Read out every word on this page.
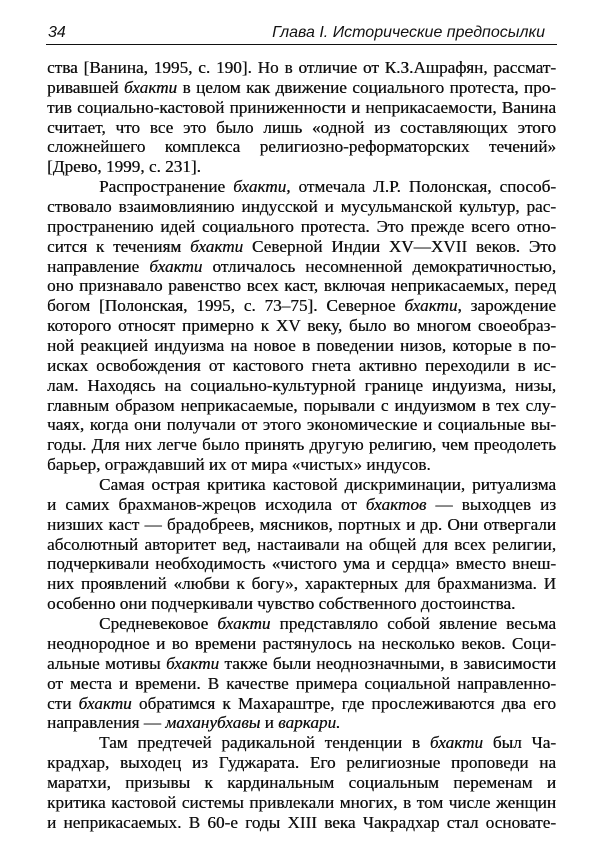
34	Глава I. Исторические предпосылки
ства [Ванина, 1995, с. 190]. Но в отличие от К.З.Ашрафян, рассмат-
ривавшей бхакти в целом как движение социального протеста, про-
тив социально-кастовой приниженности и неприкасаемости, Ванина
считает, что все это было лишь «одной из составляющих этого
сложнейшего комплекса религиозно-реформаторских течений»
[Древо, 1999, с. 231].
Распространение бхакти, отмечала Л.Р. Полонская, способ-
ствовало взаимовлиянию индусской и мусульманской культур, рас-
пространению идей социального протеста. Это прежде всего отно-
сится к течениям бхакти Северной Индии XV—XVII веков. Это
направление бхакти отличалось несомненной демократичностью,
оно признавало равенство всех каст, включая неприкасаемых, перед
богом [Полонская, 1995, с. 73–75]. Северное бхакти, зарождение
которого относят примерно к XV веку, было во многом своеобраз-
ной реакцией индуизма на новое в поведении низов, которые в по-
исках освобождения от кастового гнета активно переходили в ис-
лам. Находясь на социально-культурной границе индуизма, низы,
главным образом неприкасаемые, порывали с индуизмом в тех слу-
чаях, когда они получали от этого экономические и социальные вы-
годы. Для них легче было принять другую религию, чем преодолеть
барьер, ограждавший их от мира «чистых» индусов.
Самая острая критика кастовой дискриминации, ритуализма
и самих брахманов-жрецов исходила от бхактов — выходцев из
низших каст — брадобреев, мясников, портных и др. Они отвергали
абсолютный авторитет вед, настаивали на общей для всех религии,
подчеркивали необходимость «чистого ума и сердца» вместо внеш-
них проявлений «любви к богу», характерных для брахманизма. И
особенно они подчеркивали чувство собственного достоинства.
Средневековое бхакти представляло собой явление весьма
неоднородное и во времени растянулось на несколько веков. Соци-
альные мотивы бхакти также были неоднозначными, в зависимости
от места и времени. В качестве примера социальной направленно-
сти бхакти обратимся к Махараштре, где прослеживаются два его
направления — маханубхавы и варкари.
Там предтечей радикальной тенденции в бхакти был Ча-
крадхар, выходец из Гуджарата. Его религиозные проповеди на
маратхи, призывы к кардинальным социальным переменам и
критика кастовой системы привлекали многих, в том числе женщин
и неприкасаемых. В 60-е годы XIII века Чакрадхар стал основате-
